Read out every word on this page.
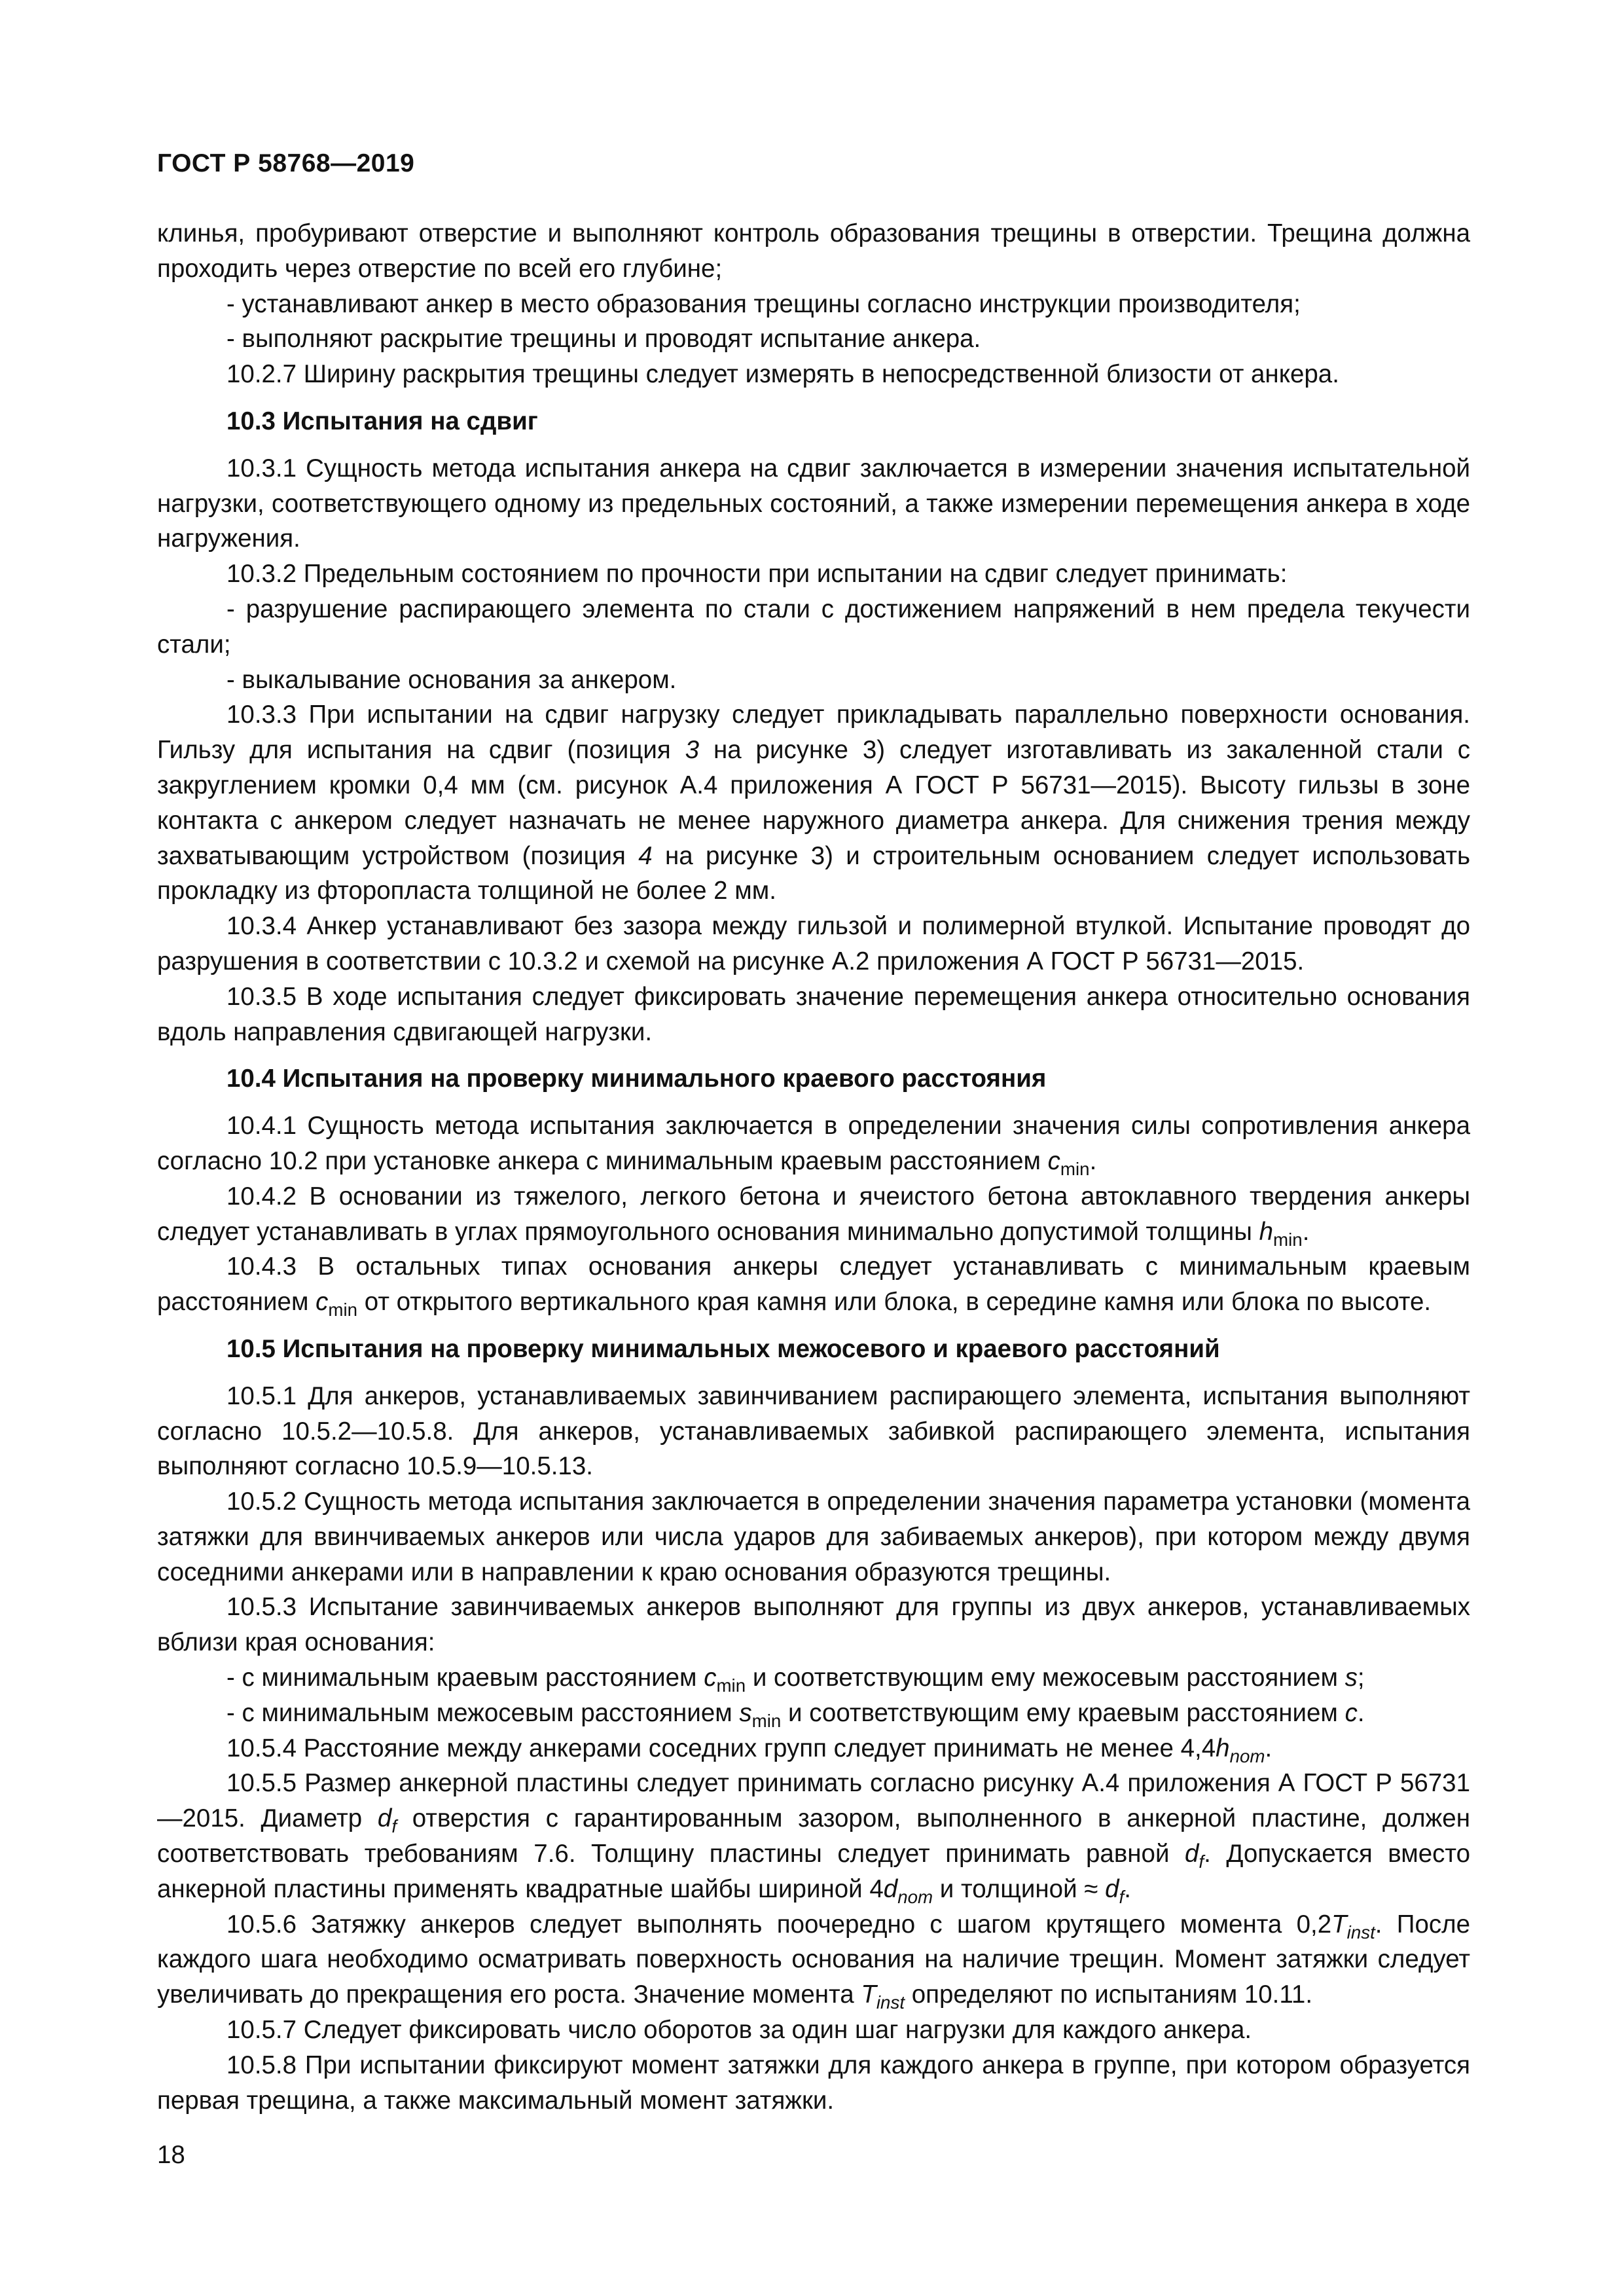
ГОСТ Р 58768—2019

клинья, пробуривают отверстие и выполняют контроль образования трещины в отверстии. Трещина должна проходить через отверстие по всей его глубине;

- устанавливают анкер в место образования трещины согласно инструкции производителя;

- выполняют раскрытие трещины и проводят испытание анкера.

10.2.7 Ширину раскрытия трещины следует измерять в непосредственной близости от анкера.

10.3 Испытания на сдвиг

10.3.1 Сущность метода испытания анкера на сдвиг заключается в измерении значения испытательной нагрузки, соответствующего одному из предельных состояний, а также измерении перемещения анкера в ходе нагружения.

10.3.2 Предельным состоянием по прочности при испытании на сдвиг следует принимать:

- разрушение распирающего элемента по стали с достижением напряжений в нем предела текучести стали;

- выкалывание основания за анкером.

10.3.3 При испытании на сдвиг нагрузку следует прикладывать параллельно поверхности основания. Гильзу для испытания на сдвиг (позиция 3 на рисунке 3) следует изготавливать из закаленной стали с закруглением кромки 0,4 мм (см. рисунок А.4 приложения А ГОСТ Р 56731—2015). Высоту гильзы в зоне контакта с анкером следует назначать не менее наружного диаметра анкера. Для снижения трения между захватывающим устройством (позиция 4 на рисунке 3) и строительным основанием следует использовать прокладку из фторопласта толщиной не более 2 мм.

10.3.4 Анкер устанавливают без зазора между гильзой и полимерной втулкой. Испытание проводят до разрушения в соответствии с 10.3.2 и схемой на рисунке А.2 приложения А ГОСТ Р 56731—2015.

10.3.5 В ходе испытания следует фиксировать значение перемещения анкера относительно основания вдоль направления сдвигающей нагрузки.

10.4 Испытания на проверку минимального краевого расстояния

10.4.1 Сущность метода испытания заключается в определении значения силы сопротивления анкера согласно 10.2 при установке анкера с минимальным краевым расстоянием $c_{min}$.

10.4.2 В основании из тяжелого, легкого бетона и ячеистого бетона автоклавного твердения анкеры следует устанавливать в углах прямоугольного основания минимально допустимой толщины $h_{min}$.

10.4.3 В остальных типах основания анкеры следует устанавливать с минимальным краевым расстоянием $c_{min}$ от открытого вертикального края камня или блока, в середине камня или блока по высоте.

10.5 Испытания на проверку минимальных межосевого и краевого расстояний

10.5.1 Для анкеров, устанавливаемых завинчиванием распирающего элемента, испытания выполняют согласно 10.5.2—10.5.8. Для анкеров, устанавливаемых забивкой распирающего элемента, испытания выполняют согласно 10.5.9—10.5.13.

10.5.2 Сущность метода испытания заключается в определении значения параметра установки (момента затяжки для ввинчиваемых анкеров или числа ударов для забиваемых анкеров), при котором между двумя соседними анкерами или в направлении к краю основания образуются трещины.

10.5.3 Испытание завинчиваемых анкеров выполняют для группы из двух анкеров, устанавливаемых вблизи края основания:

- с минимальным краевым расстоянием $c_{min}$ и соответствующим ему межосевым расстоянием s;

- с минимальным межосевым расстоянием $s_{min}$ и соответствующим ему краевым расстоянием c.

10.5.4 Расстояние между анкерами соседних групп следует принимать не менее $4,4h_{nom}$.

10.5.5 Размер анкерной пластины следует принимать согласно рисунку А.4 приложения А ГОСТ Р 56731—2015. Диаметр $d_f$ отверстия с гарантированным зазором, выполненного в анкерной пластине, должен соответствовать требованиям 7.6. Толщину пластины следует принимать равной $d_f$. Допускается вместо анкерной пластины применять квадратные шайбы шириной $4d_{nom}$ и толщиной ≈ $d_f$.

10.5.6 Затяжку анкеров следует выполнять поочередно с шагом крутящего момента $0,2T_{inst}$. После каждого шага необходимо осматривать поверхность основания на наличие трещин. Момент затяжки следует увеличивать до прекращения его роста. Значение момента $T_{inst}$ определяют по испытаниям 10.11.

10.5.7 Следует фиксировать число оборотов за один шаг нагрузки для каждого анкера.

10.5.8 При испытании фиксируют момент затяжки для каждого анкера в группе, при котором образуется первая трещина, а также максимальный момент затяжки.

18
